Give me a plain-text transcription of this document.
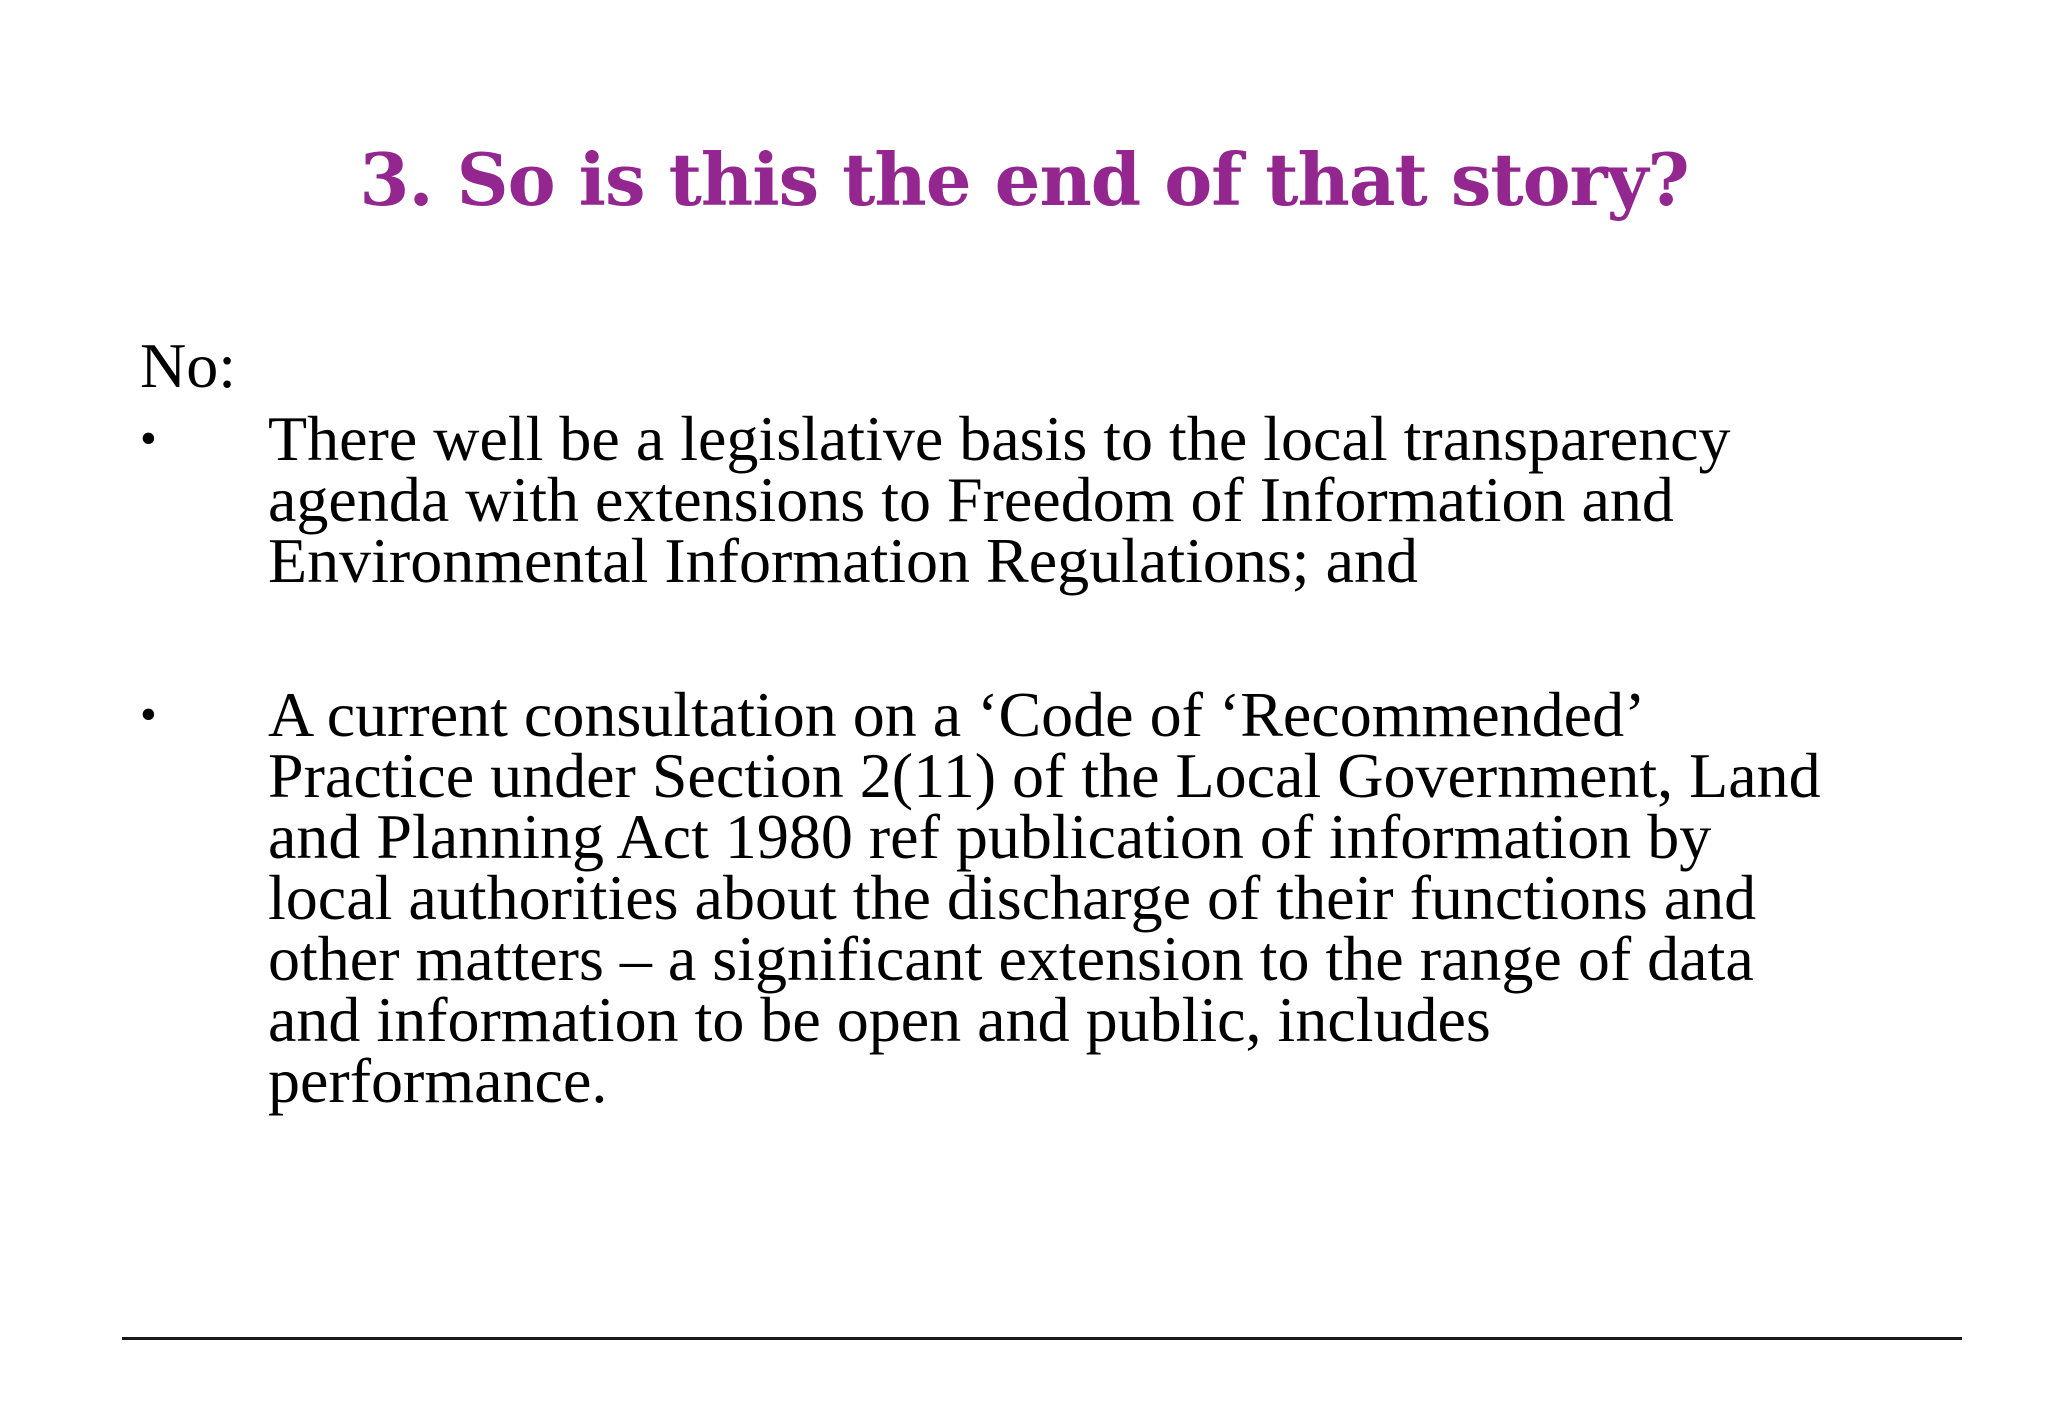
3. So is this the end of that story?

No:

• There well be a legislative basis to the local transparency
agenda with extensions to Freedom of Information and
Environmental Information Regulations; and
• A current consultation on a ‘Code of ‘Recommended’
Practice under Section 2(11) of the Local Government, Land
and Planning Act 1980 ref publication of information by
local authorities about the discharge of their functions and
other matters – a significant extension to the range of data
and information to be open and public, includes
performance.
